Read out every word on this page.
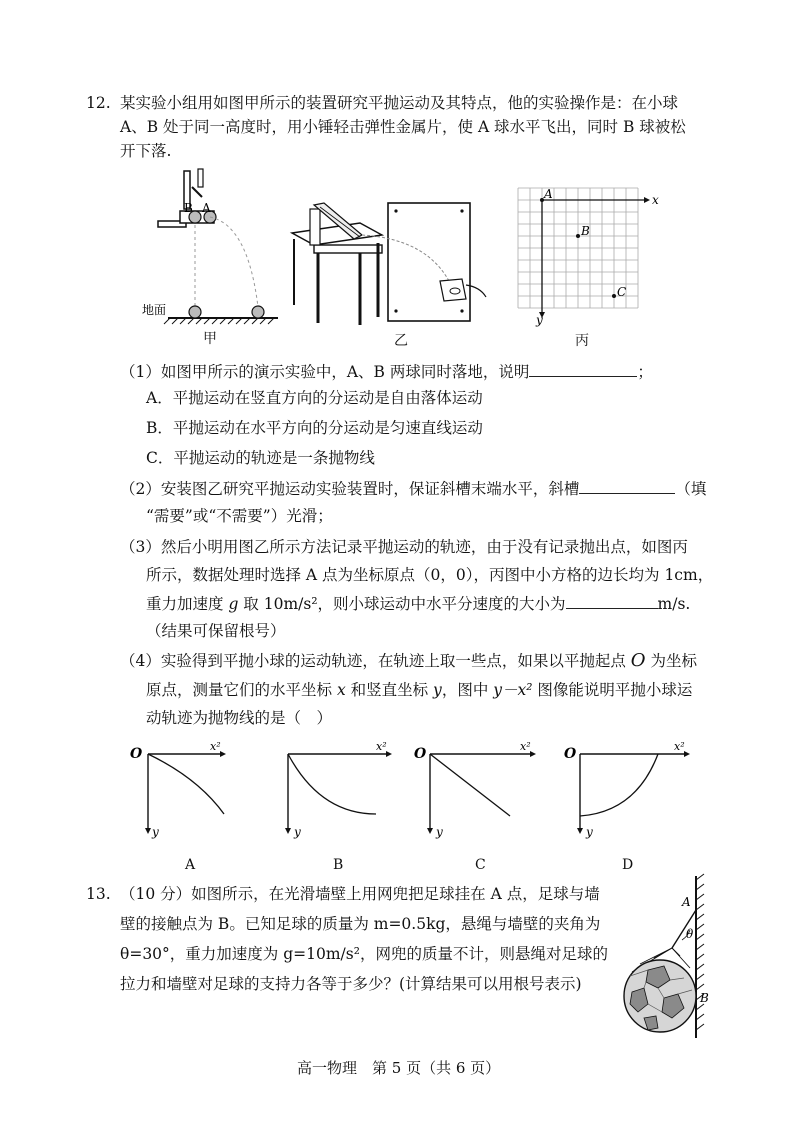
12. 某实验小组用如图甲所示的装置研究平抛运动及其特点，他的实验操作是：在小球
A、B 处于同一高度时，用小锤轻击弹性金属片，使 A 球水平飞出，同时 B 球被松
开下落.
B A
地面
甲	乙
x
y
A
B
C
丙
（1）如图甲所示的演示实验中，A、B 两球同时落地，说明	；
A．平抛运动在竖直方向的分运动是自由落体运动
B．平抛运动在水平方向的分运动是匀速直线运动
C．平抛运动的轨迹是一条抛物线
（2）安装图乙研究平抛运动实验装置时，保证斜槽末端水平，斜槽	（填
“需要”或“不需要”）光滑；
（3）然后小明用图乙所示方法记录平抛运动的轨迹，由于没有记录抛出点，如图丙
所示，数据处理时选择 A 点为坐标原点（0，0），丙图中小方格的边长均为 1cm，
重力加速度 g 取 10m/s²，则小球运动中水平分速度的大小为	m/s.
（结果可保留根号）
（4）实验得到平抛小球的运动轨迹，在轨迹上取一些点，如果以平抛起点 O 为坐标
原点，测量它们的水平坐标 x 和竖直坐标 y，图中 y－x² 图像能说明平抛小球运
动轨迹为抛物线的是（　）
O	x²
y
x²
y
O	x²
y
O	x²
y
A	B	C	D
13. （10 分）如图所示，在光滑墙壁上用网兜把足球挂在 A 点，足球与墙
壁的接触点为 B。已知足球的质量为 m=0.5kg，悬绳与墙壁的夹角为
θ=30°，重力加速度为 g=10m/s²，网兜的质量不计，则悬绳对足球的
拉力和墙壁对足球的支持力各等于多少？(计算结果可以用根号表示)
A
θ
B
高一物理　第 5 页（共 6 页）
